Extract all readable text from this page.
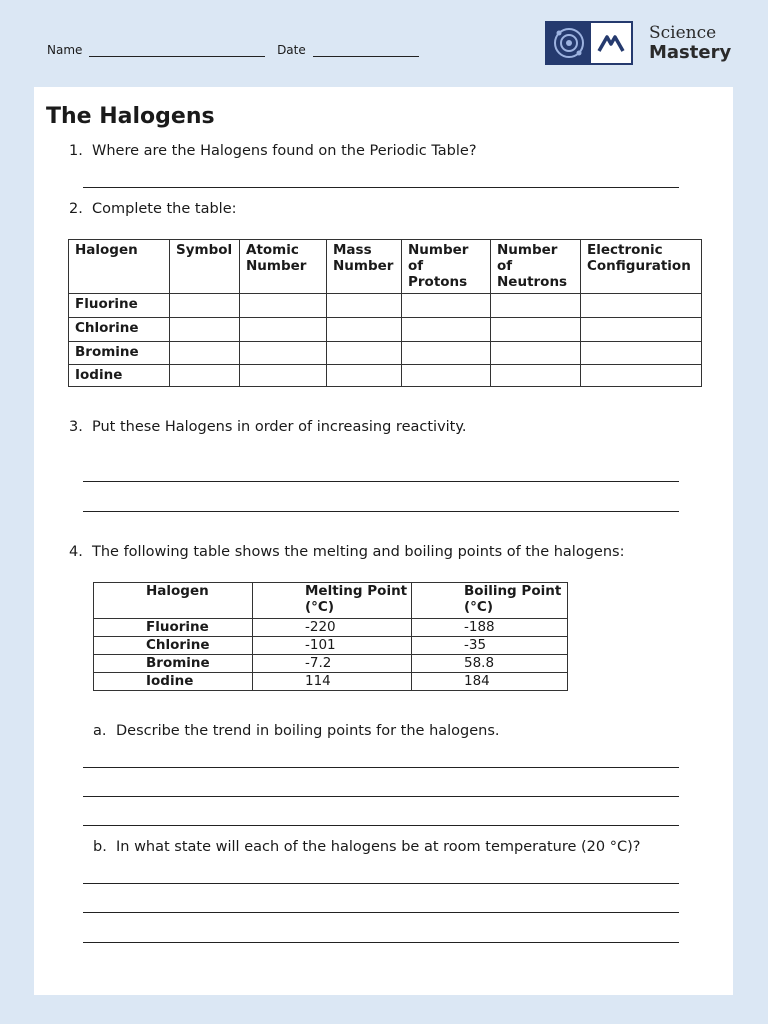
Name	Date
Science
Mastery
The Halogens
1. Where are the Halogens found on the Periodic Table?
2. Complete the table:
Halogen	Symbol	Atomic Number	Mass Number	Number of Protons	Number of Neutrons	Electronic Configuration
Fluorine						
Chlorine						
Bromine						
Iodine						
3. Put these Halogens in order of increasing reactivity.
4. The following table shows the melting and boiling points of the halogens:
Halogen	Melting Point (°C)	Boiling Point (°C)
Fluorine	-220	-188
Chlorine	-101	-35
Bromine	-7.2	58.8
Iodine	114	184
a. Describe the trend in boiling points for the halogens.
b. In what state will each of the halogens be at room temperature (20 °C)?
